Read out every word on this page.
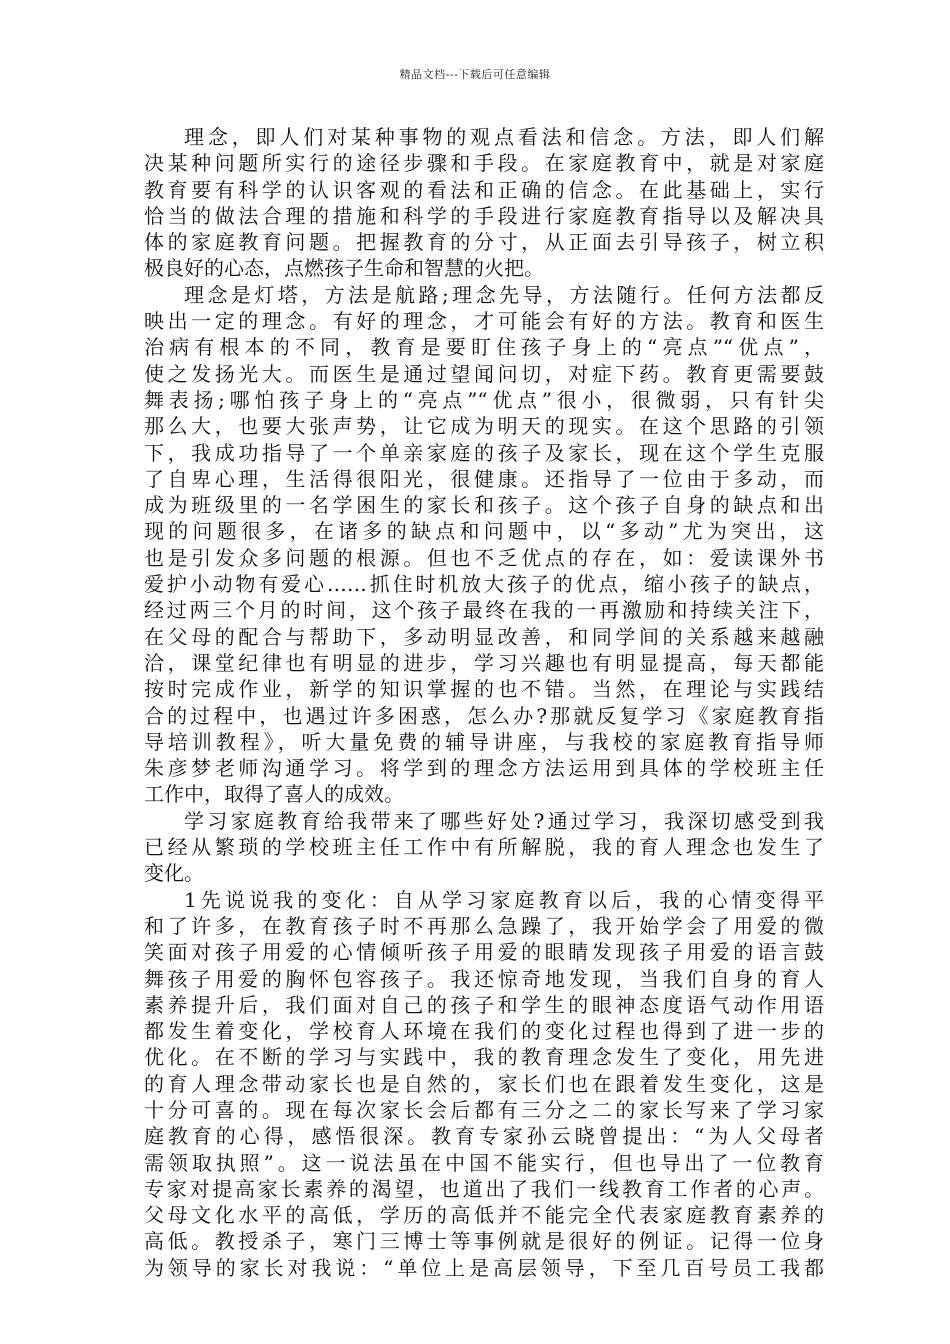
精品文档---下载后可任意编辑
理念，即人们对某种事物的观点看法和信念。方法，即人们解
决某种问题所实行的途径步骤和手段。在家庭教育中，就是对家庭
教育要有科学的认识客观的看法和正确的信念。在此基础上，实行
恰当的做法合理的措施和科学的手段进行家庭教育指导以及解决具
体的家庭教育问题。把握教育的分寸，从正面去引导孩子，树立积
极良好的心态，点燃孩子生命和智慧的火把。
理念是灯塔，方法是航路;理念先导，方法随行。任何方法都反
映出一定的理念。有好的理念，才可能会有好的方法。教育和医生
治病有根本的不同，教育是要盯住孩子身上的“亮点”“优点”，
使之发扬光大。而医生是通过望闻问切，对症下药。教育更需要鼓
舞表扬;哪怕孩子身上的“亮点”“优点”很小，很微弱，只有针尖
那么大，也要大张声势，让它成为明天的现实。在这个思路的引领
下，我成功指导了一个单亲家庭的孩子及家长，现在这个学生克服
了自卑心理，生活得很阳光，很健康。还指导了一位由于多动，而
成为班级里的一名学困生的家长和孩子。这个孩子自身的缺点和出
现的问题很多，在诸多的缺点和问题中，以“多动”尤为突出，这
也是引发众多问题的根源。但也不乏优点的存在，如：爱读课外书
爱护小动物有爱心……抓住时机放大孩子的优点，缩小孩子的缺点，
经过两三个月的时间，这个孩子最终在我的一再激励和持续关注下，
在父母的配合与帮助下，多动明显改善，和同学间的关系越来越融
洽，课堂纪律也有明显的进步，学习兴趣也有明显提高，每天都能
按时完成作业，新学的知识掌握的也不错。当然，在理论与实践结
合的过程中，也遇过许多困惑，怎么办?那就反复学习《家庭教育指
导培训教程》，听大量免费的辅导讲座，与我校的家庭教育指导师
朱彦梦老师沟通学习。将学到的理念方法运用到具体的学校班主任
工作中，取得了喜人的成效。
学习家庭教育给我带来了哪些好处?通过学习，我深切感受到我
已经从繁琐的学校班主任工作中有所解脱，我的育人理念也发生了
变化。
1先说说我的变化：自从学习家庭教育以后，我的心情变得平
和了许多，在教育孩子时不再那么急躁了，我开始学会了用爱的微
笑面对孩子用爱的心情倾听孩子用爱的眼睛发现孩子用爱的语言鼓
舞孩子用爱的胸怀包容孩子。我还惊奇地发现，当我们自身的育人
素养提升后，我们面对自己的孩子和学生的眼神态度语气动作用语
都发生着变化，学校育人环境在我们的变化过程也得到了进一步的
优化。在不断的学习与实践中，我的教育理念发生了变化，用先进
的育人理念带动家长也是自然的，家长们也在跟着发生变化，这是
十分可喜的。现在每次家长会后都有三分之二的家长写来了学习家
庭教育的心得，感悟很深。教育专家孙云晓曾提出：“为人父母者
需领取执照”。这一说法虽在中国不能实行，但也导出了一位教育
专家对提高家长素养的渴望，也道出了我们一线教育工作者的心声。
父母文化水平的高低，学历的高低并不能完全代表家庭教育素养的
高低。教授杀子，寒门三博士等事例就是很好的例证。记得一位身
为领导的家长对我说：“单位上是高层领导，下至几百号员工我都
